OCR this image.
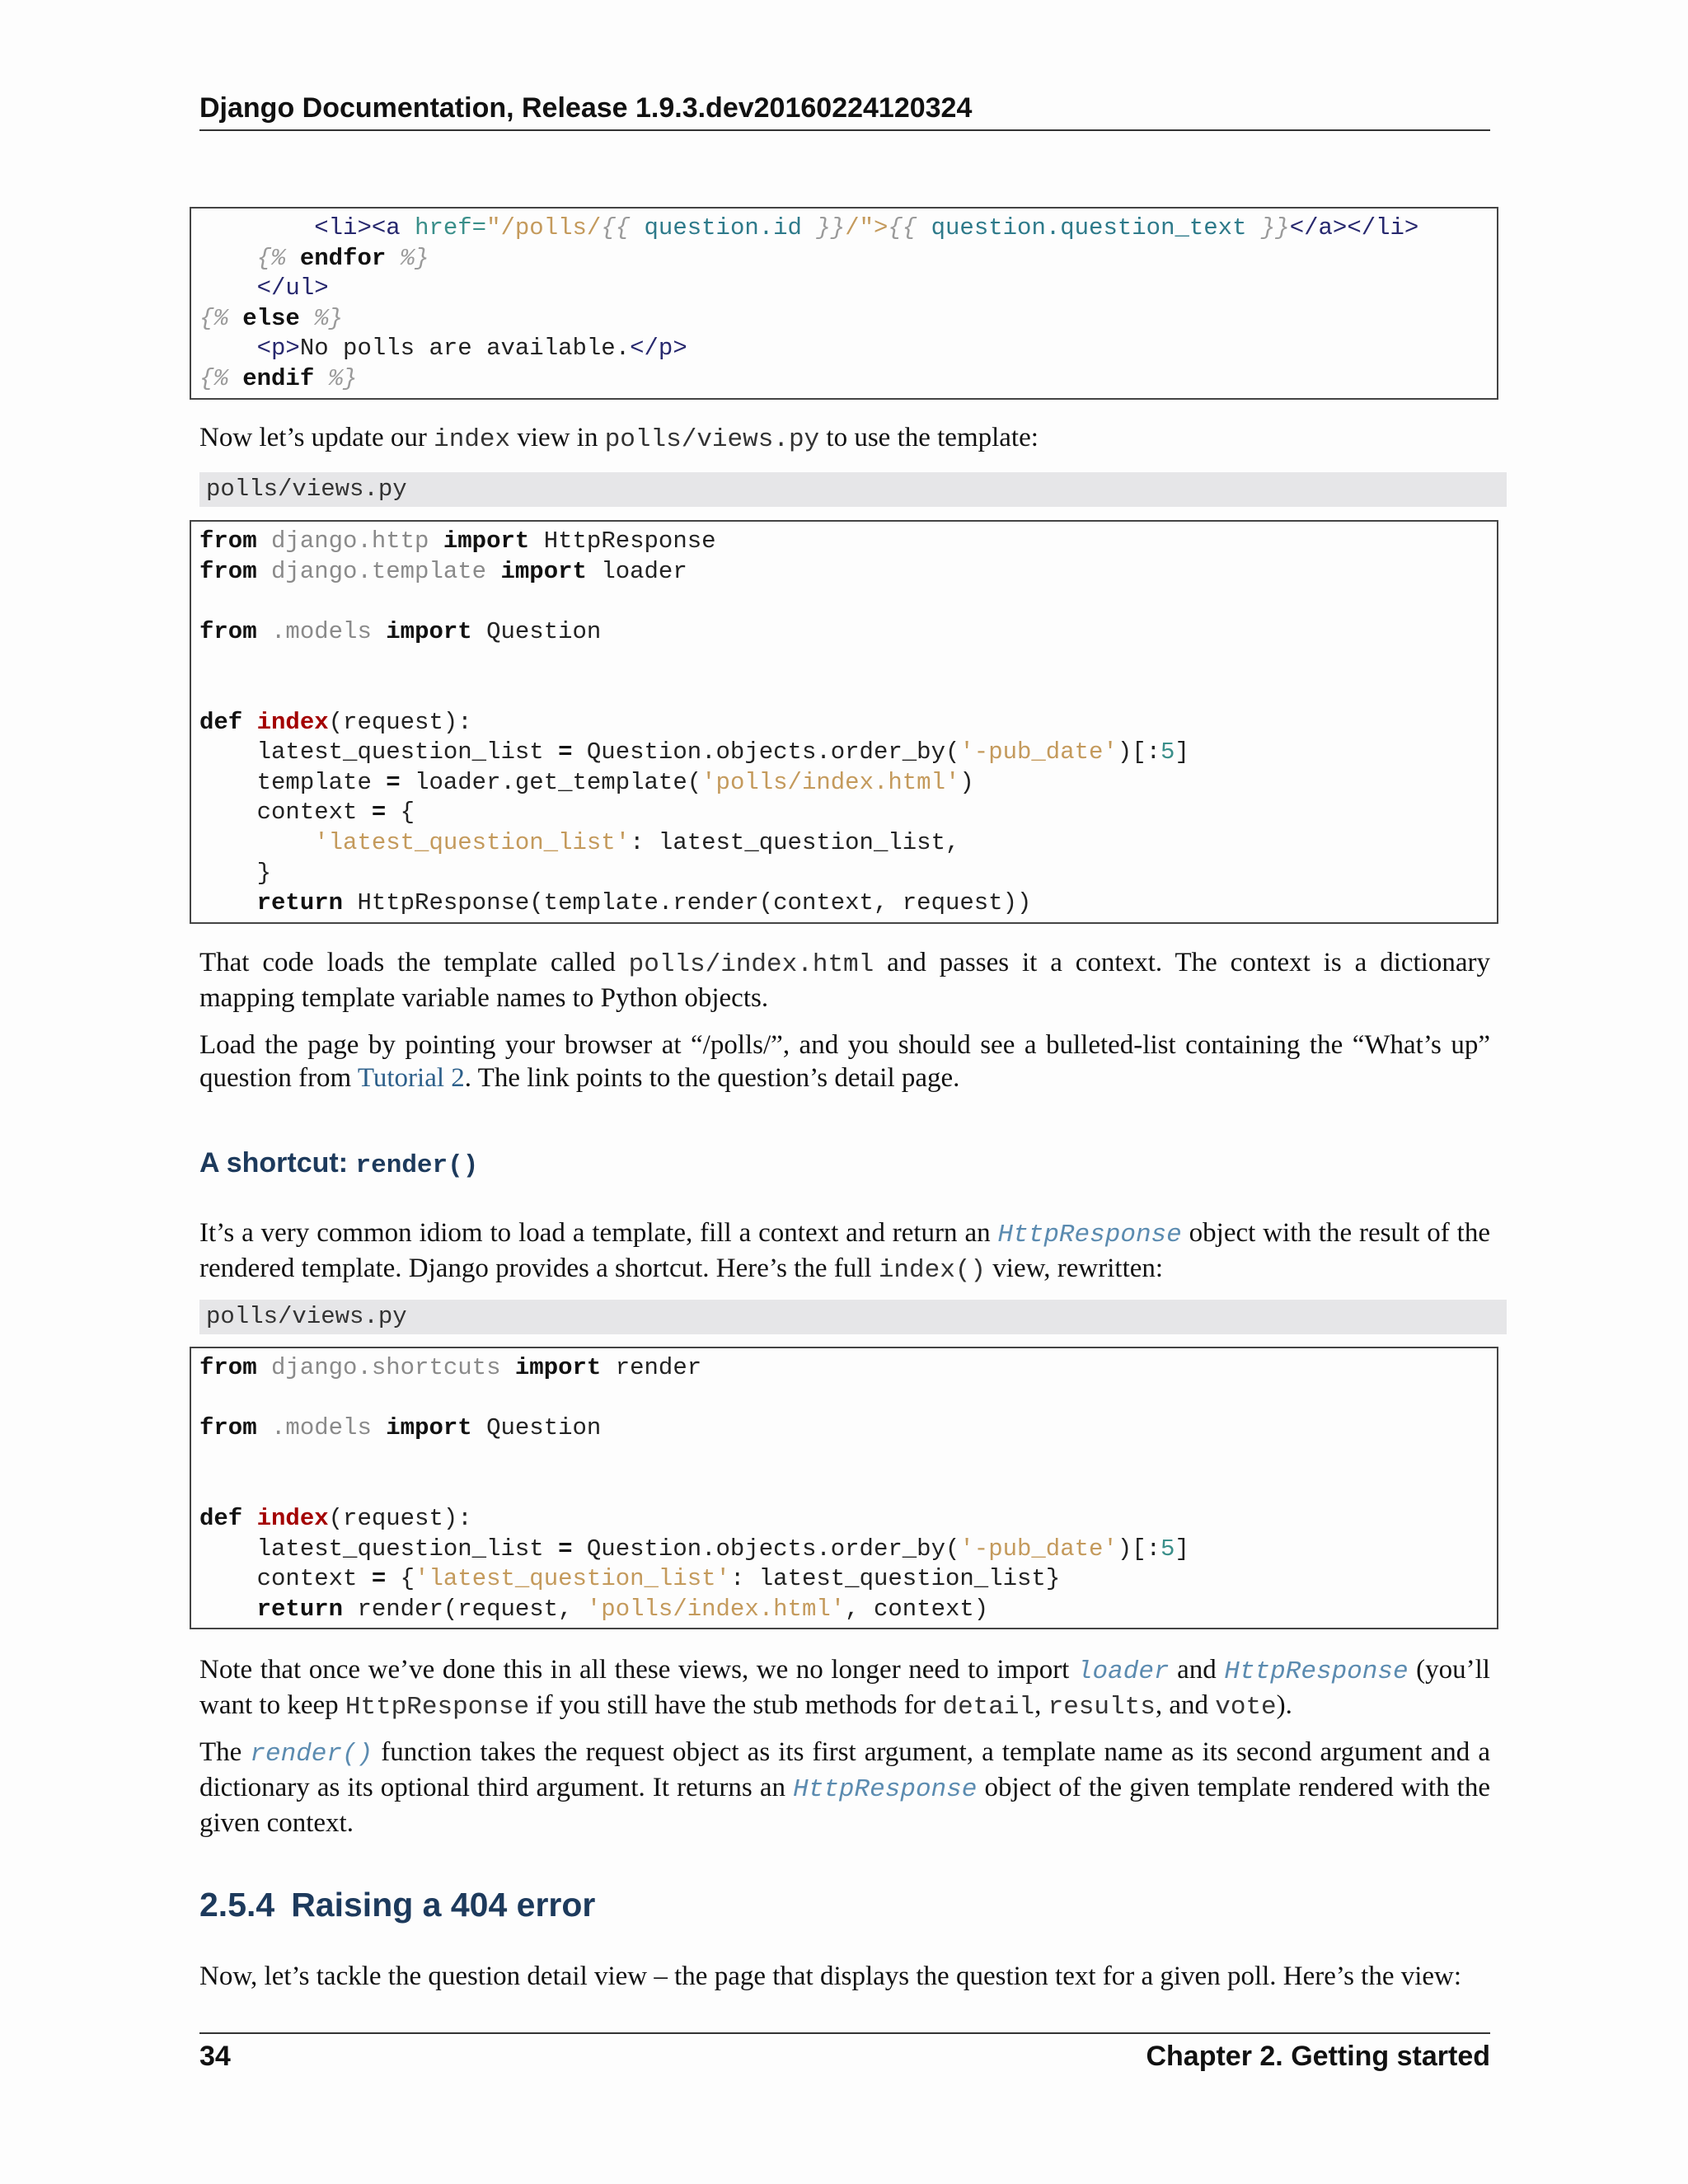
Django Documentation, Release 1.9.3.dev20160224120324
<li><a href="/polls/{{ question.id }}/">{{ question.question_text }}</a></li>
{% endfor %}
</ul>
{% else %}
<p>No polls are available.</p>
{% endif %}
Now let’s update our index view in polls/views.py to use the template:
polls/views.py
from django.http import HttpResponse
from django.template import loader

from .models import Question

def index(request):
latest_question_list = Question.objects.order_by('-pub_date')[:5]
template = loader.get_template('polls/index.html')
context = {
'latest_question_list': latest_question_list,
}
return HttpResponse(template.render(context, request))
That code loads the template called polls/index.html and passes it a context. The context is a dictionary mapping template variable names to Python objects.
Load the page by pointing your browser at “/polls/”, and you should see a bulleted-list containing the “What’s up” question from Tutorial 2. The link points to the question’s detail page.
A shortcut: render()
It’s a very common idiom to load a template, fill a context and return an HttpResponse object with the result of the rendered template. Django provides a shortcut. Here’s the full index() view, rewritten:
polls/views.py
from django.shortcuts import render

from .models import Question

def index(request):
latest_question_list = Question.objects.order_by('-pub_date')[:5]
context = {'latest_question_list': latest_question_list}
return render(request, 'polls/index.html', context)
Note that once we’ve done this in all these views, we no longer need to import loader and HttpResponse (you’ll want to keep HttpResponse if you still have the stub methods for detail, results, and vote).
The render() function takes the request object as its first argument, a template name as its second argument and a dictionary as its optional third argument. It returns an HttpResponse object of the given template rendered with the given context.
2.5.4 Raising a 404 error
Now, let’s tackle the question detail view – the page that displays the question text for a given poll. Here’s the view:
34	Chapter 2. Getting started
